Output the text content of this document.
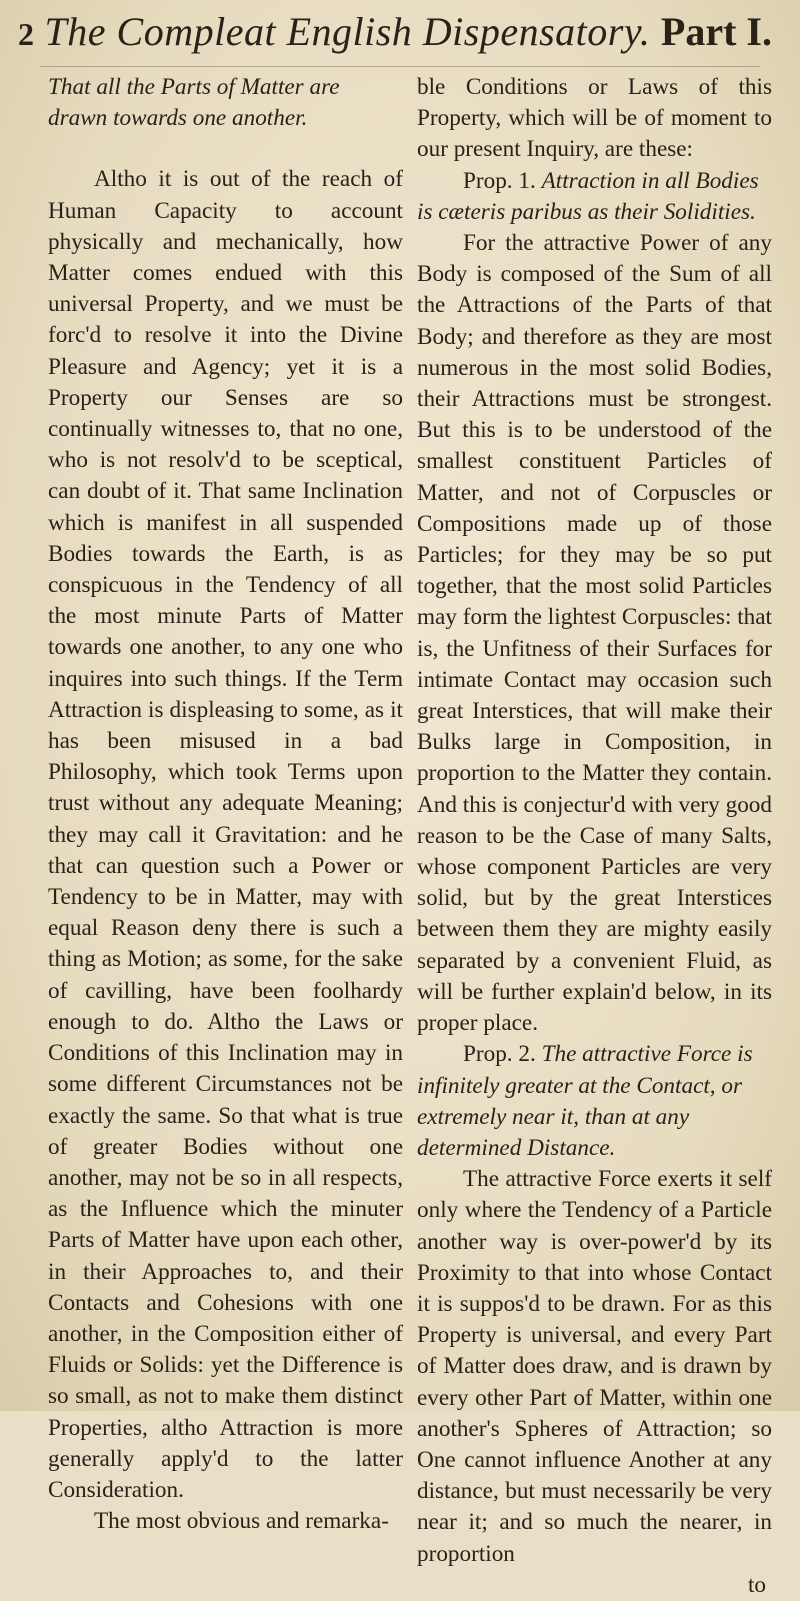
2 The Compleat English Dispensatory. Part I.

That all the Parts of Matter are drawn towards one another.

Altho it is out of the reach of Human Capacity to account physically and mechanically, how Matter comes endued with this universal Property, and we must be forc'd to resolve it into the Divine Pleasure and Agency; yet it is a Property our Senses are so continually witnesses to, that no one, who is not resolv'd to be sceptical, can doubt of it. That same Inclination which is manifest in all suspended Bodies towards the Earth, is as conspicuous in the Tendency of all the most minute Parts of Matter towards one another, to any one who inquires into such things. If the Term Attraction is displeasing to some, as it has been misused in a bad Philosophy, which took Terms upon trust without any adequate Meaning; they may call it Gravitation: and he that can question such a Power or Tendency to be in Matter, may with equal Reason deny there is such a thing as Motion; as some, for the sake of cavilling, have been foolhardy enough to do. Altho the Laws or Conditions of this Inclination may in some different Circumstances not be exactly the same. So that what is true of greater Bodies without one another, may not be so in all respects, as the Influence which the minuter Parts of Matter have upon each other, in their Approaches to, and their Contacts and Cohesions with one another, in the Composition either of Fluids or Solids: yet the Difference is so small, as not to make them distinct Properties, altho Attraction is more generally apply'd to the latter Consideration.

The most obvious and remarka-

ble Conditions or Laws of this Property, which will be of moment to our present Inquiry, are these:

Prop. 1. Attraction in all Bodies is cæteris paribus as their Solidities.

For the attractive Power of any Body is composed of the Sum of all the Attractions of the Parts of that Body; and therefore as they are most numerous in the most solid Bodies, their Attractions must be strongest. But this is to be understood of the smallest constituent Particles of Matter, and not of Corpuscles or Compositions made up of those Particles; for they may be so put together, that the most solid Particles may form the lightest Corpuscles: that is, the Unfitness of their Surfaces for intimate Contact may occasion such great Interstices, that will make their Bulks large in Composition, in proportion to the Matter they contain. And this is conjectur'd with very good reason to be the Case of many Salts, whose component Particles are very solid, but by the great Interstices between them they are mighty easily separated by a convenient Fluid, as will be further explain'd below, in its proper place.

Prop. 2. The attractive Force is infinitely greater at the Contact, or extremely near it, than at any determined Distance.

The attractive Force exerts it self only where the Tendency of a Particle another way is over-power'd by its Proximity to that into whose Contact it is suppos'd to be drawn. For as this Property is universal, and every Part of Matter does draw, and is drawn by every other Part of Matter, within one another's Spheres of Attraction; so One cannot influence Another at any distance, but must necessarily be very near it; and so much the nearer, in proportion

to
